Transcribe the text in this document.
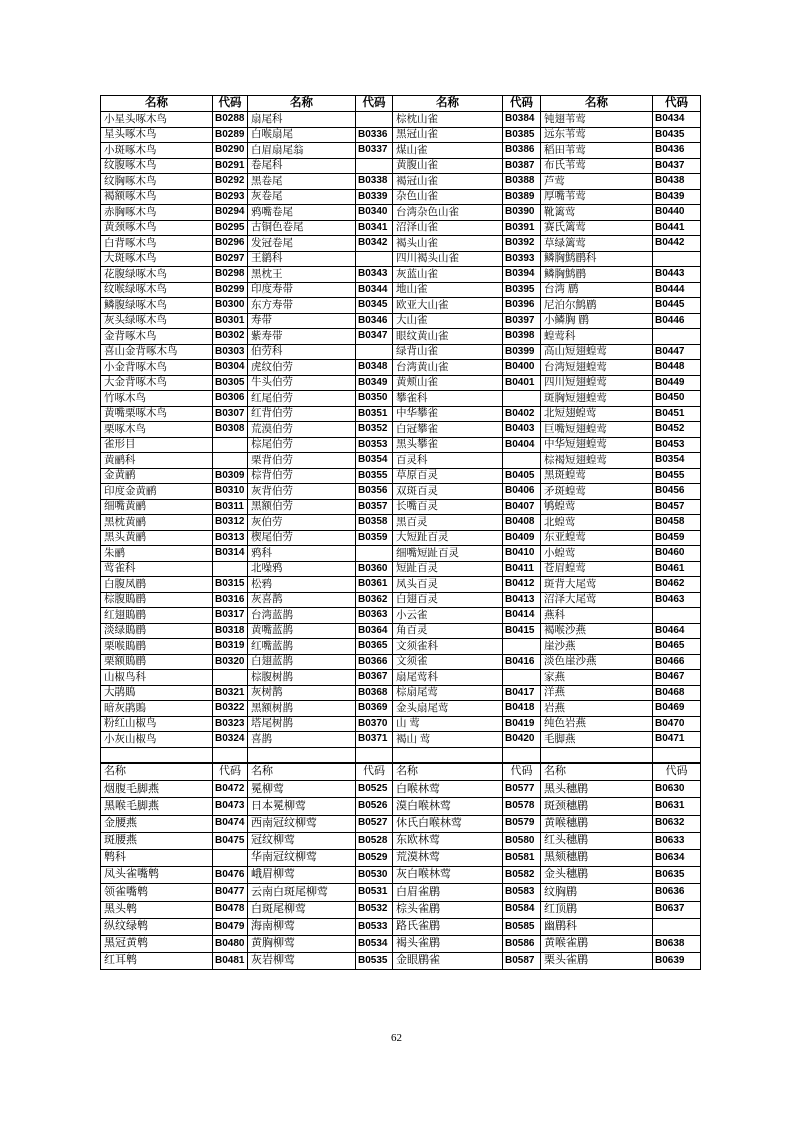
名称	代码	名称	代码	名称	代码	名称	代码
小星头啄木鸟	B0288	扇尾科		棕枕山雀	B0384	钝翅苇莺	B0434
星头啄木鸟	B0289	白喉扇尾	B0336	黑冠山雀	B0385	远东苇莺	B0435
小斑啄木鸟	B0290	白眉扇尾翁	B0337	煤山雀	B0386	稻田苇莺	B0436
纹腹啄木鸟	B0291	卷尾科		黄腹山雀	B0387	布氏苇莺	B0437
纹胸啄木鸟	B0292	黑卷尾	B0338	褐冠山雀	B0388	芦莺	B0438
褐额啄木鸟	B0293	灰卷尾	B0339	杂色山雀	B0389	厚嘴苇莺	B0439
赤胸啄木鸟	B0294	鸦嘴卷尾	B0340	台湾杂色山雀	B0390	靴篱莺	B0440
黄颈啄木鸟	B0295	古铜色卷尾	B0341	沼泽山雀	B0391	赛氏篱莺	B0441
白背啄木鸟	B0296	发冠卷尾	B0342	褐头山雀	B0392	草绿篱莺	B0442
大斑啄木鸟	B0297	王鹟科		四川褐头山雀	B0393	鳞胸鹪鹛科	
花腹绿啄木鸟	B0298	黑枕王	B0343	灰蓝山雀	B0394	鳞胸鹪鹛	B0443
纹喉绿啄木鸟	B0299	印度寿带	B0344	地山雀	B0395	台湾 鹛	B0444
鳞腹绿啄木鸟	B0300	东方寿带	B0345	欧亚大山雀	B0396	尼泊尔鹪鹛	B0445
灰头绿啄木鸟	B0301	寿带	B0346	大山雀	B0397	小鳞胸 鹛	B0446
金背啄木鸟	B0302	紫寿带	B0347	眼纹黄山雀	B0398	蝗莺科	
喜山金背啄木鸟	B0303	伯劳科		绿背山雀	B0399	高山短翅蝗莺	B0447
小金背啄木鸟	B0304	虎纹伯劳	B0348	台湾黄山雀	B0400	台湾短翅蝗莺	B0448
大金背啄木鸟	B0305	牛头伯劳	B0349	黄颊山雀	B0401	四川短翅蝗莺	B0449
竹啄木鸟	B0306	红尾伯劳	B0350	攀雀科		斑胸短翅蝗莺	B0450
黄嘴栗啄木鸟	B0307	红背伯劳	B0351	中华攀雀	B0402	北短翅蝗莺	B0451
栗啄木鸟	B0308	荒漠伯劳	B0352	白冠攀雀	B0403	巨嘴短翅蝗莺	B0452
雀形目		棕尾伯劳	B0353	黑头攀雀	B0404	中华短翅蝗莺	B0453
黄鹂科		栗背伯劳	B0354	百灵科		棕褐短翅蝗莺	B0354
金黄鹂	B0309	棕背伯劳	B0355	草原百灵	B0405	黑斑蝗莺	B0455
印度金黄鹂	B0310	灰背伯劳	B0356	双斑百灵	B0406	矛斑蝗莺	B0456
细嘴黄鹂	B0311	黑额伯劳	B0357	长嘴百灵	B0407	鸲蝗莺	B0457
黑枕黄鹂	B0312	灰伯劳	B0358	黑百灵	B0408	北蝗莺	B0458
黑头黄鹂	B0313	楔尾伯劳	B0359	大短趾百灵	B0409	东亚蝗莺	B0459
朱鹂	B0314	鸦科		细嘴短趾百灵	B0410	小蝗莺	B0460
莺雀科		北噪鸦	B0360	短趾百灵	B0411	苍眉蝗莺	B0461
白腹凤鹛	B0315	松鸦	B0361	凤头百灵	B0412	斑背大尾莺	B0462
棕腹鵙鹛	B0316	灰喜鹊	B0362	白翅百灵	B0413	沼泽大尾莺	B0463
红翅鵙鹛	B0317	台湾蓝鹊	B0363	小云雀	B0414	燕科	
淡绿鵙鹛	B0318	黄嘴蓝鹊	B0364	角百灵	B0415	褐喉沙燕	B0464
栗喉鵙鹛	B0319	红嘴蓝鹊	B0365	文须雀科		崖沙燕	B0465
栗额鵙鹛	B0320	白翅蓝鹊	B0366	文须雀	B0416	淡色崖沙燕	B0466
山椒鸟科		棕腹树鹊	B0367	扇尾莺科		家燕	B0467
大鹃鵙	B0321	灰树鹊	B0368	棕扇尾莺	B0417	洋燕	B0468
暗灰鹃鵙	B0322	黑额树鹊	B0369	金头扇尾莺	B0418	岩燕	B0469
粉红山椒鸟	B0323	塔尾树鹊	B0370	山 莺	B0419	纯色岩燕	B0470
小灰山椒鸟	B0324	喜鹊	B0371	褐山 莺	B0420	毛脚燕	B0471

名称	代码	名称	代码	名称	代码	名称	代码
烟腹毛脚燕	B0472	冕柳莺	B0525	白喉林莺	B0577	黑头穗鹛	B0630
黑喉毛脚燕	B0473	日本冕柳莺	B0526	漠白喉林莺	B0578	斑颈穗鹛	B0631
金腰燕	B0474	西南冠纹柳莺	B0527	休氏白喉林莺	B0579	黄喉穗鹛	B0632
斑腰燕	B0475	冠纹柳莺	B0528	东欧林莺	B0580	红头穗鹛	B0633
鹎科		华南冠纹柳莺	B0529	荒漠林莺	B0581	黑颏穗鹛	B0634
凤头雀嘴鹎	B0476	峨眉柳莺	B0530	灰白喉林莺	B0582	金头穗鹛	B0635
领雀嘴鹎	B0477	云南白斑尾柳莺	B0531	白眉雀鹛	B0583	纹胸鹛	B0636
黑头鹎	B0478	白斑尾柳莺	B0532	棕头雀鹛	B0584	红顶鹛	B0637
纵纹绿鹎	B0479	海南柳莺	B0533	路氏雀鹛	B0585	幽鹛科	
黑冠黄鹎	B0480	黄胸柳莺	B0534	褐头雀鹛	B0586	黄喉雀鹛	B0638
红耳鹎	B0481	灰岩柳莺	B0535	金眼鹛雀	B0587	栗头雀鹛	B0639
62
